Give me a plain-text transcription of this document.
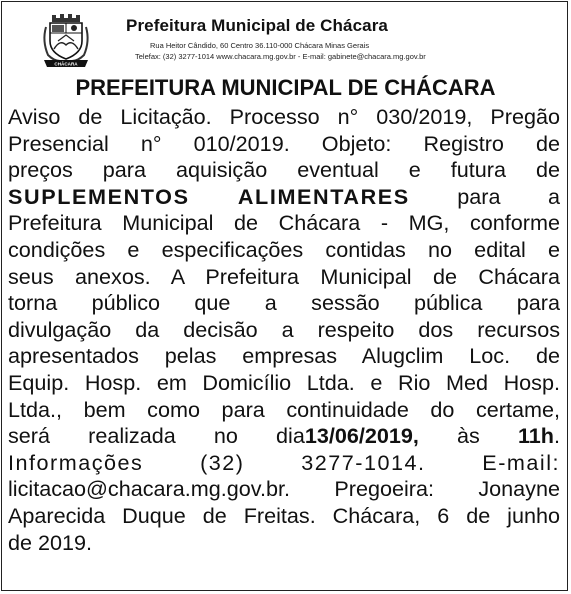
CHÁCARA
Prefeitura Municipal de Chácara
Rua Heitor Cândido, 60 Centro 36.110-000 Chácara Minas Gerais
Telefax: (32) 3277-1014 www.chacara.mg.gov.br - E-mail: gabinete@chacara.mg.gov.br
PREFEITURA MUNICIPAL DE CHÁCARA
Aviso de Licitação. Processo n° 030/2019, Pregão
Presencial n° 010/2019. Objeto: Registro de
preços para aquisição eventual e futura de
SUPLEMENTOS ALIMENTARES para a
Prefeitura Municipal de Chácara - MG, conforme
condições e especificações contidas no edital e
seus anexos. A Prefeitura Municipal de Chácara
torna público que a sessão pública para
divulgação da decisão a respeito dos recursos
apresentados pelas empresas Alugclim Loc. de
Equip. Hosp. em Domicílio Ltda. e Rio Med Hosp.
Ltda., bem como para continuidade do certame,
será realizada no dia13/06/2019, às 11h.
Informações (32) 3277-1014. E-mail:
licitacao@chacara.mg.gov.br. Pregoeira: Jonayne
Aparecida Duque de Freitas. Chácara, 6 de junho
de 2019.
